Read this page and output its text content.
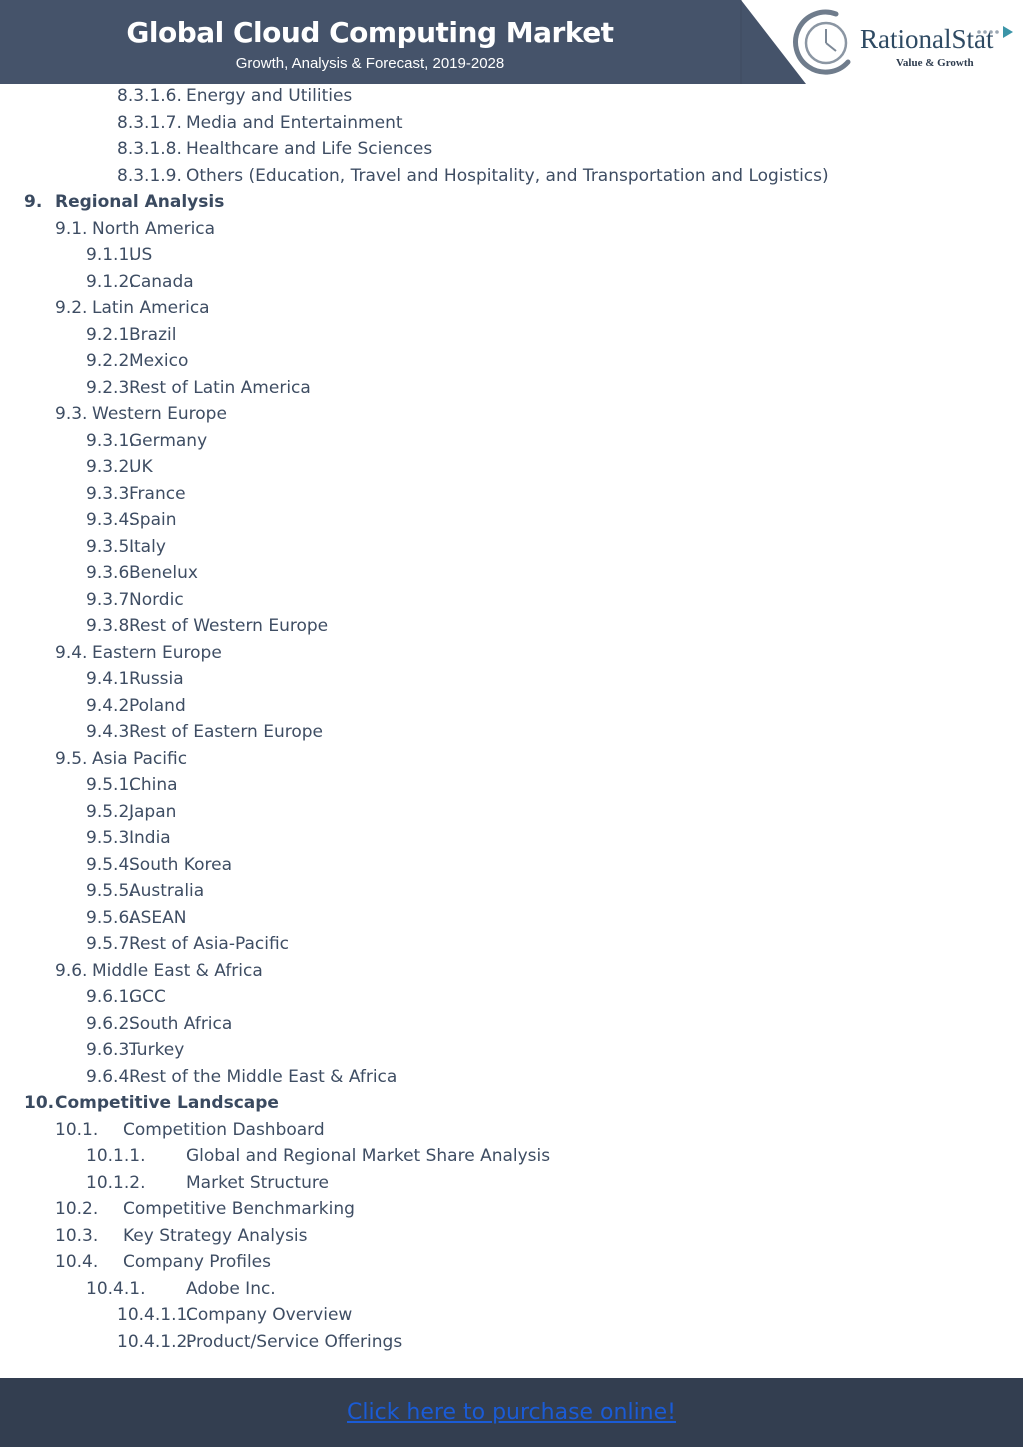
Global Cloud Computing Market
Growth, Analysis & Forecast, 2019-2028
RationalStat
Value & Growth
8.3.1.6. Energy and Utilities
8.3.1.7. Media and Entertainment
8.3.1.8. Healthcare and Life Sciences
8.3.1.9. Others (Education, Travel and Hospitality, and Transportation and Logistics)
9. Regional Analysis
9.1. North America
9.1.1.
US
9.1.2.
Canada
9.2. Latin America
9.2.1.
Brazil
9.2.2.
Mexico
9.2.3.
Rest of Latin America
9.3. Western Europe
9.3.1.
Germany
9.3.2.
UK
9.3.3.
France
9.3.4.
Spain
9.3.5.
Italy
9.3.6.
Benelux
9.3.7.
Nordic
9.3.8.
Rest of Western Europe
9.4. Eastern Europe
9.4.1.
Russia
9.4.2.
Poland
9.4.3.
Rest of Eastern Europe
9.5. Asia Pacific
9.5.1.
China
9.5.2.
Japan
9.5.3.
India
9.5.4.
South Korea
9.5.5.
Australia
9.5.6.
ASEAN
9.5.7.
Rest of Asia-Pacific
9.6. Middle East & Africa
9.6.1.
GCC
9.6.2.
South Africa
9.6.3.
Turkey
9.6.4.
Rest of the Middle East & Africa
10. Competitive Landscape
10.1. Competition Dashboard
10.1.1. Global and Regional Market Share Analysis
10.1.2. Market Structure
10.2. Competitive Benchmarking
10.3. Key Strategy Analysis
10.4. Company Profiles
10.4.1. Adobe Inc.
10.4.1.1.
Company Overview
10.4.1.2.
Product/Service Offerings
Click here to purchase online!
